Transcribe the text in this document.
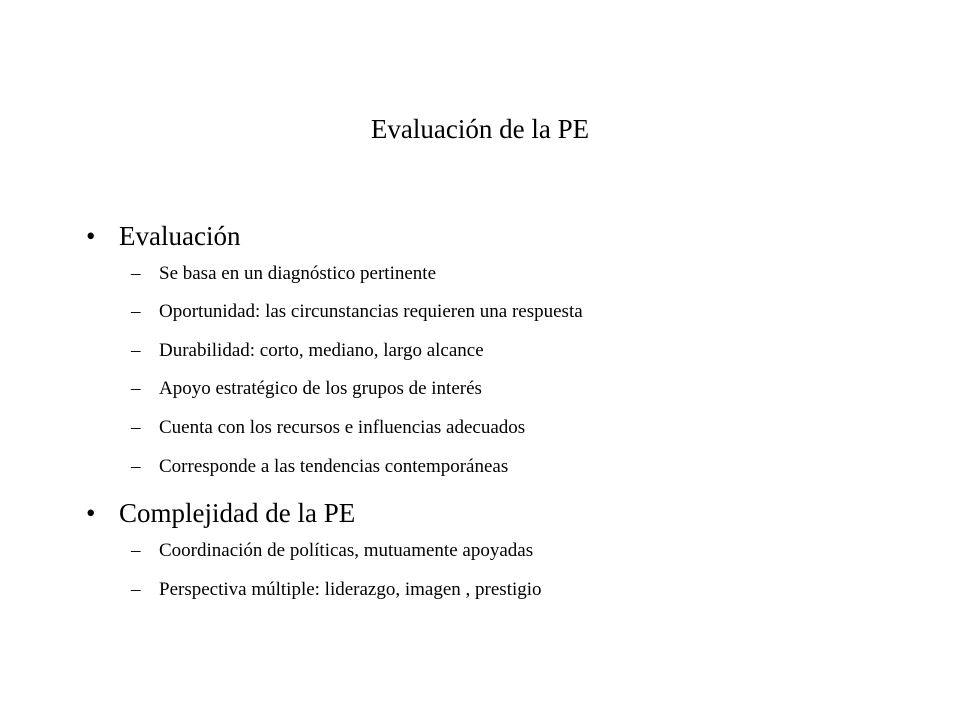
Evaluación de la PE
• Evaluación
– Se basa en un diagnóstico pertinente
– Oportunidad: las circunstancias requieren una respuesta
– Durabilidad: corto, mediano, largo alcance
– Apoyo estratégico de los grupos de interés
– Cuenta con los recursos e influencias adecuados
– Corresponde a las tendencias contemporáneas
• Complejidad de la PE
– Coordinación de políticas, mutuamente apoyadas
– Perspectiva múltiple: liderazgo, imagen , prestigio
